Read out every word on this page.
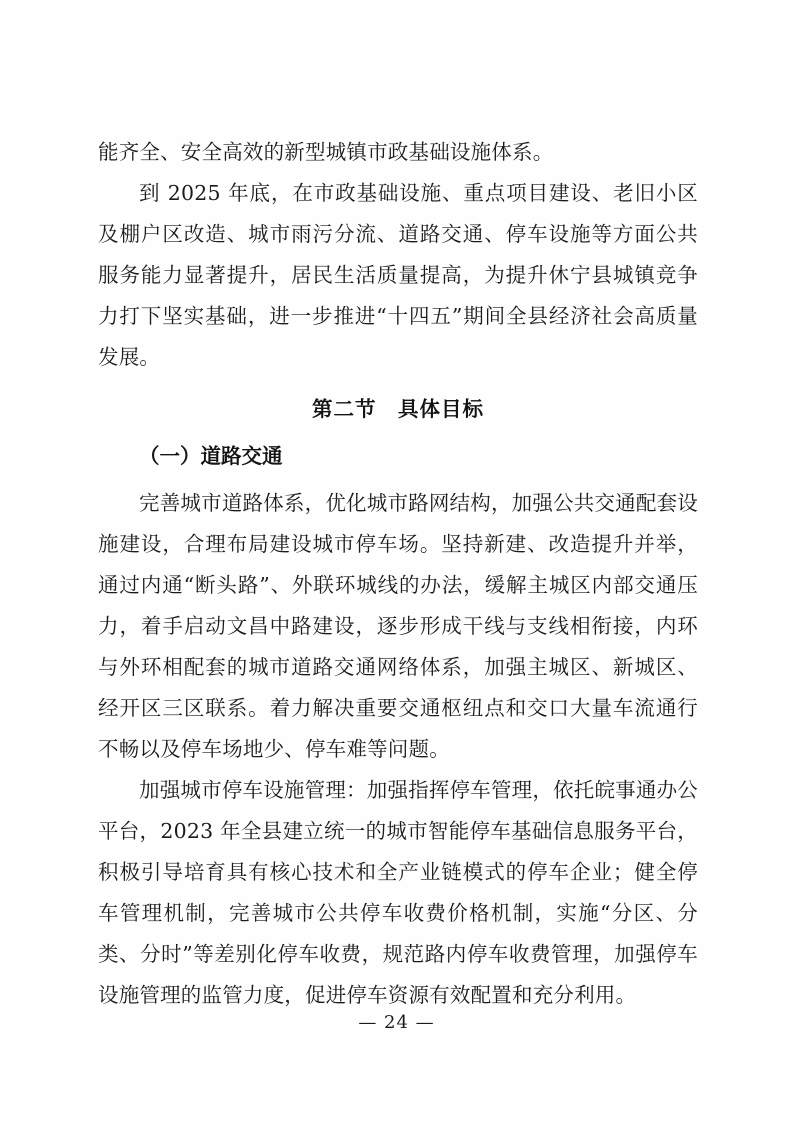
能齐全、安全高效的新型城镇市政基础设施体系。

到 2025 年底，在市政基础设施、重点项目建设、老旧小区及棚户区改造、城市雨污分流、道路交通、停车设施等方面公共服务能力显著提升，居民生活质量提高，为提升休宁县城镇竞争力打下坚实基础，进一步推进“十四五”期间全县经济社会高质量发展。

第二节　具体目标
（一）道路交通

完善城市道路体系，优化城市路网结构，加强公共交通配套设施建设，合理布局建设城市停车场。坚持新建、改造提升并举，通过内通“断头路”、外联环城线的办法，缓解主城区内部交通压力，着手启动文昌中路建设，逐步形成干线与支线相衔接，内环与外环相配套的城市道路交通网络体系，加强主城区、新城区、经开区三区联系。着力解决重要交通枢纽点和交口大量车流通行不畅以及停车场地少、停车难等问题。

加强城市停车设施管理：加强指挥停车管理，依托皖事通办公平台，2023 年全县建立统一的城市智能停车基础信息服务平台，积极引导培育具有核心技术和全产业链模式的停车企业；健全停车管理机制，完善城市公共停车收费价格机制，实施“分区、分类、分时”等差别化停车收费，规范路内停车收费管理，加强停车设施管理的监管力度，促进停车资源有效配置和充分利用。

— 24 —
